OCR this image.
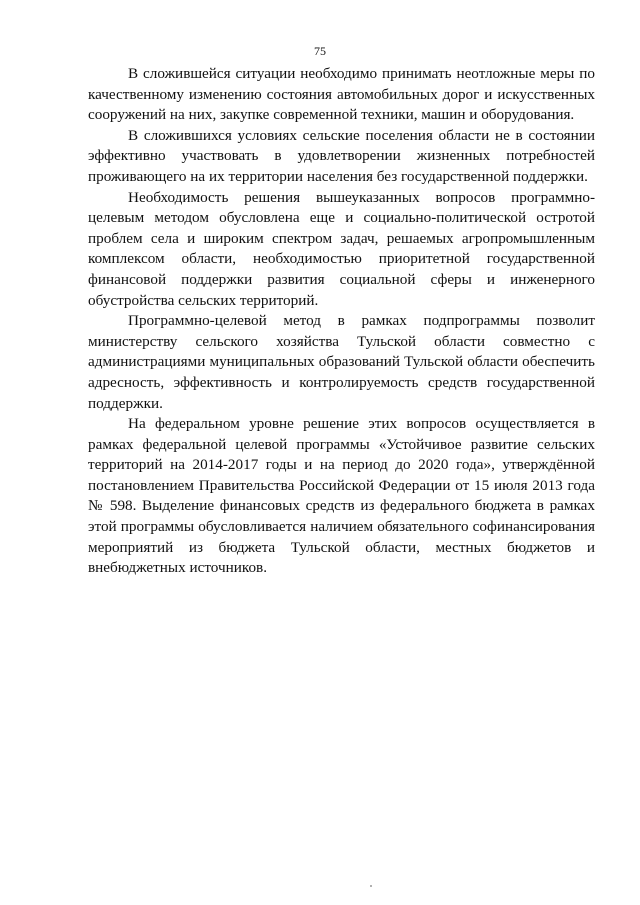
75

В сложившейся ситуации необходимо принимать неотложные меры по качественному изменению состояния автомобильных дорог и искусственных сооружений на них, закупке современной техники, машин и оборудования.

В сложившихся условиях сельские поселения области не в состоянии эффективно участвовать в удовлетворении жизненных потребностей проживающего на их территории населения без государственной поддержки.

Необходимость решения вышеуказанных вопросов программно-целевым методом обусловлена еще и социально-политической остротой проблем села и широким спектром задач, решаемых агропромышленным комплексом области, необходимостью приоритетной государственной финансовой поддержки развития социальной сферы и инженерного обустройства сельских территорий.

Программно-целевой метод в рамках подпрограммы позволит министерству сельского хозяйства Тульской области совместно с администрациями муниципальных образований Тульской области обеспечить адресность, эффективность и контролируемость средств государственной поддержки.

На федеральном уровне решение этих вопросов осуществляется в рамках федеральной целевой программы «Устойчивое развитие сельских территорий на 2014-2017 годы и на период до 2020 года», утверждённой постановлением Правительства Российской Федерации от 15 июля 2013 года № 598. Выделение финансовых средств из федерального бюджета в рамках этой программы обусловливается наличием обязательного софинансирования мероприятий из бюджета Тульской области, местных бюджетов и внебюджетных источников.
